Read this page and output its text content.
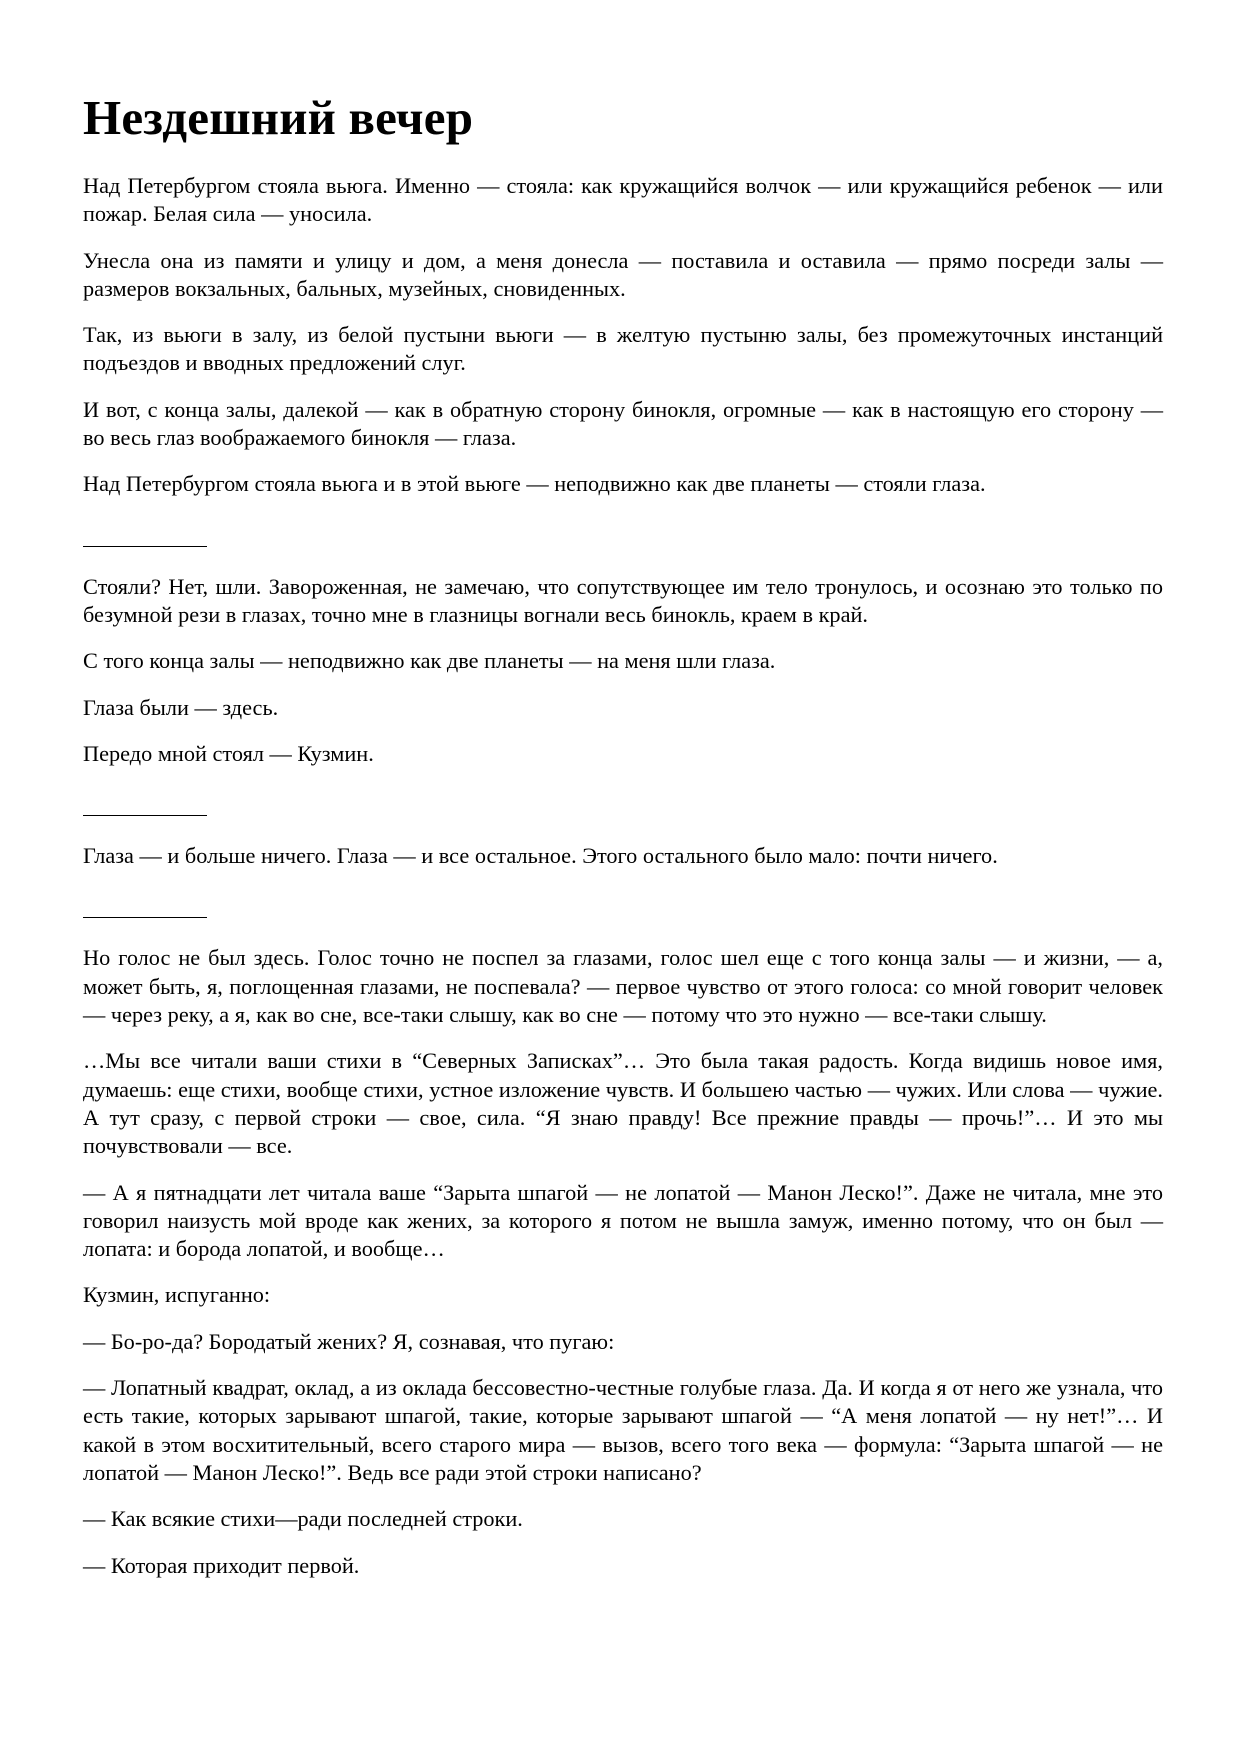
Нездешний вечер

Над Петербургом стояла вьюга. Именно — стояла: как кружащийся волчок — или кружащийся ребенок — или пожар. Белая сила — уносила.

Унесла она из памяти и улицу и дом, а меня донесла — поставила и оставила — прямо посреди залы — размеров вокзальных, бальных, музейных, сновиденных.

Так, из вьюги в залу, из белой пустыни вьюги — в желтую пустыню залы, без промежуточных инстанций подъездов и вводных предложений слуг.

И вот, с конца залы, далекой — как в обратную сторону бинокля, огромные — как в настоящую его сторону — во весь глаз воображаемого бинокля — глаза.

Над Петербургом стояла вьюга и в этой вьюге — неподвижно как две планеты — стояли глаза.

Стояли? Нет, шли. Завороженная, не замечаю, что сопутствующее им тело тронулось, и осознаю это только по безумной рези в глазах, точно мне в глазницы вогнали весь бинокль, краем в край.

С того конца залы — неподвижно как две планеты — на меня шли глаза.

Глаза были — здесь.

Передо мной стоял — Кузмин.

Глаза — и больше ничего. Глаза — и все остальное. Этого остального было мало: почти ничего.

Но голос не был здесь. Голос точно не поспел за глазами, голос шел еще с того конца залы — и жизни, — а, может быть, я, поглощенная глазами, не поспевала? — первое чувство от этого голоса: со мной говорит человек — через реку, а я, как во сне, все-таки слышу, как во сне — потому что это нужно — все-таки слышу.

…Мы все читали ваши стихи в “Северных Записках”… Это была такая радость. Когда видишь новое имя, думаешь: еще стихи, вообще стихи, устное изложение чувств. И большею частью — чужих. Или слова — чужие. А тут сразу, с первой строки — свое, сила. “Я знаю правду! Все прежние правды — прочь!”… И это мы почувствовали — все.

— А я пятнадцати лет читала ваше “Зарыта шпагой — не лопатой — Манон Леско!”. Даже не читала, мне это говорил наизусть мой вроде как жених, за которого я потом не вышла замуж, именно потому, что он был — лопата: и борода лопатой, и вообще…

Кузмин, испуганно:

— Бо-ро-да? Бородатый жених? Я, сознавая, что пугаю:

— Лопатный квадрат, оклад, а из оклада бессовестно-честные голубые глаза. Да. И когда я от него же узнала, что есть такие, которых зарывают шпагой, такие, которые зарывают шпагой — “А меня лопатой — ну нет!”… И какой в этом восхитительный, всего старого мира — вызов, всего того века — формула: “Зарыта шпагой — не лопатой — Манон Леско!”. Ведь все ради этой строки написано?

— Как всякие стихи—ради последней строки.

— Которая приходит первой.
